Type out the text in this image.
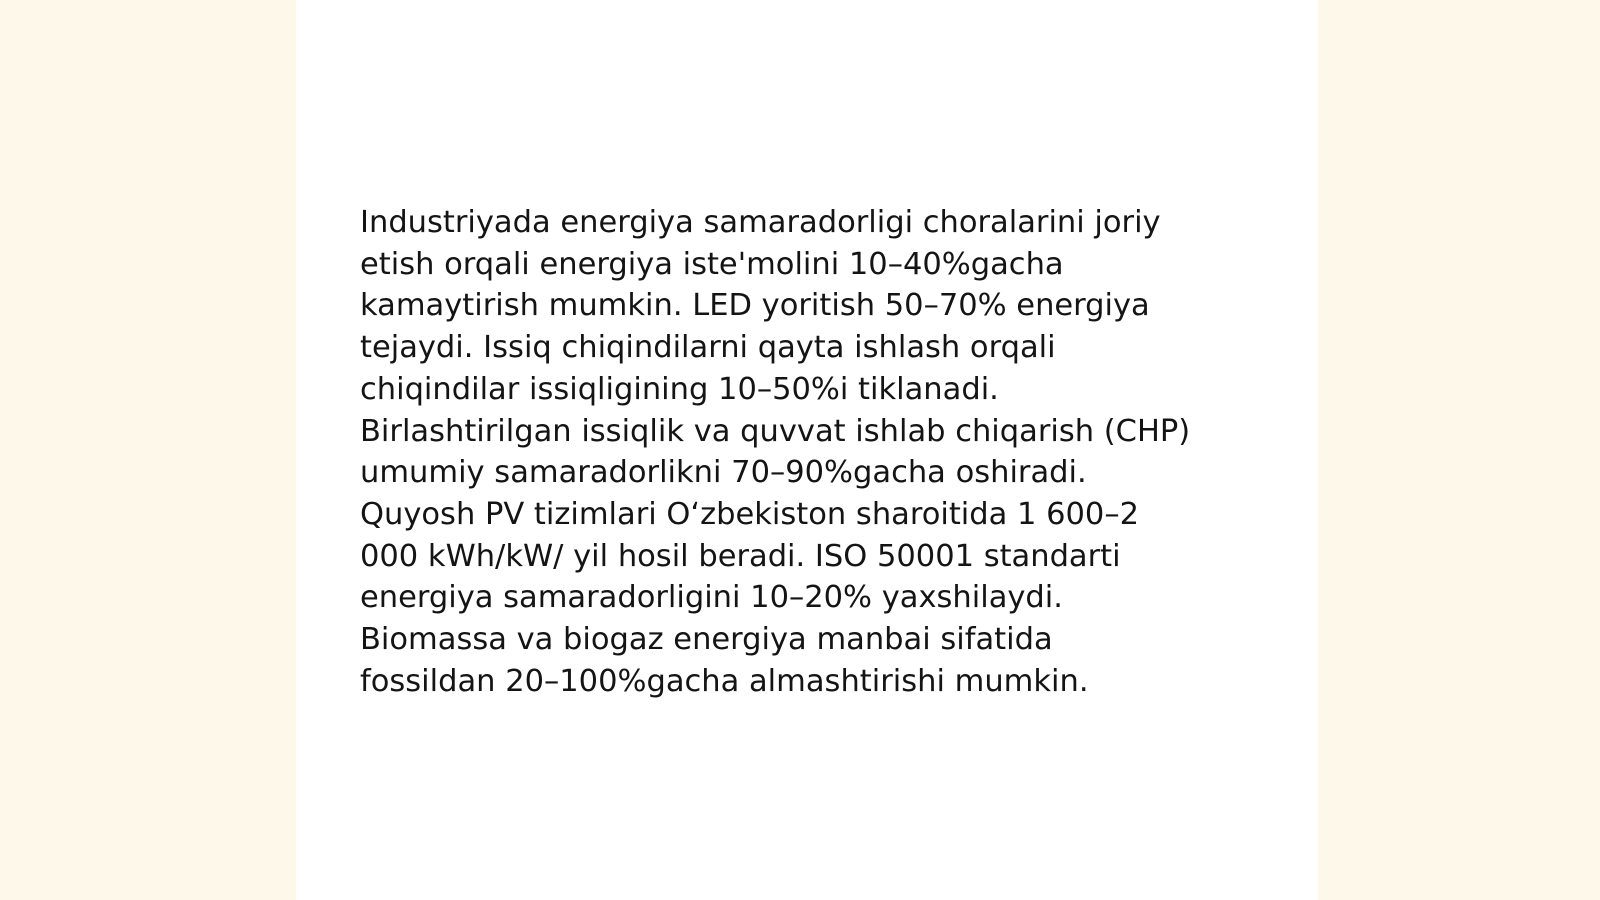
Industriyada energiya samaradorligi choralarini joriy
etish orqali energiya iste'molini 10–40%gacha
kamaytirish mumkin. LED yoritish 50–70% energiya
tejaydi. Issiq chiqindilarni qayta ishlash orqali
chiqindilar issiqligining 10–50%i tiklanadi.
Birlashtirilgan issiqlik va quvvat ishlab chiqarish (CHP)
umumiy samaradorlikni 70–90%gacha oshiradi.
Quyosh PV tizimlari O‘zbekiston sharoitida 1 600–2
000 kWh/kW/ yil hosil beradi. ISO 50001 standarti
energiya samaradorligini 10–20% yaxshilaydi.
Biomassa va biogaz energiya manbai sifatida
fossildan 20–100%gacha almashtirishi mumkin.
